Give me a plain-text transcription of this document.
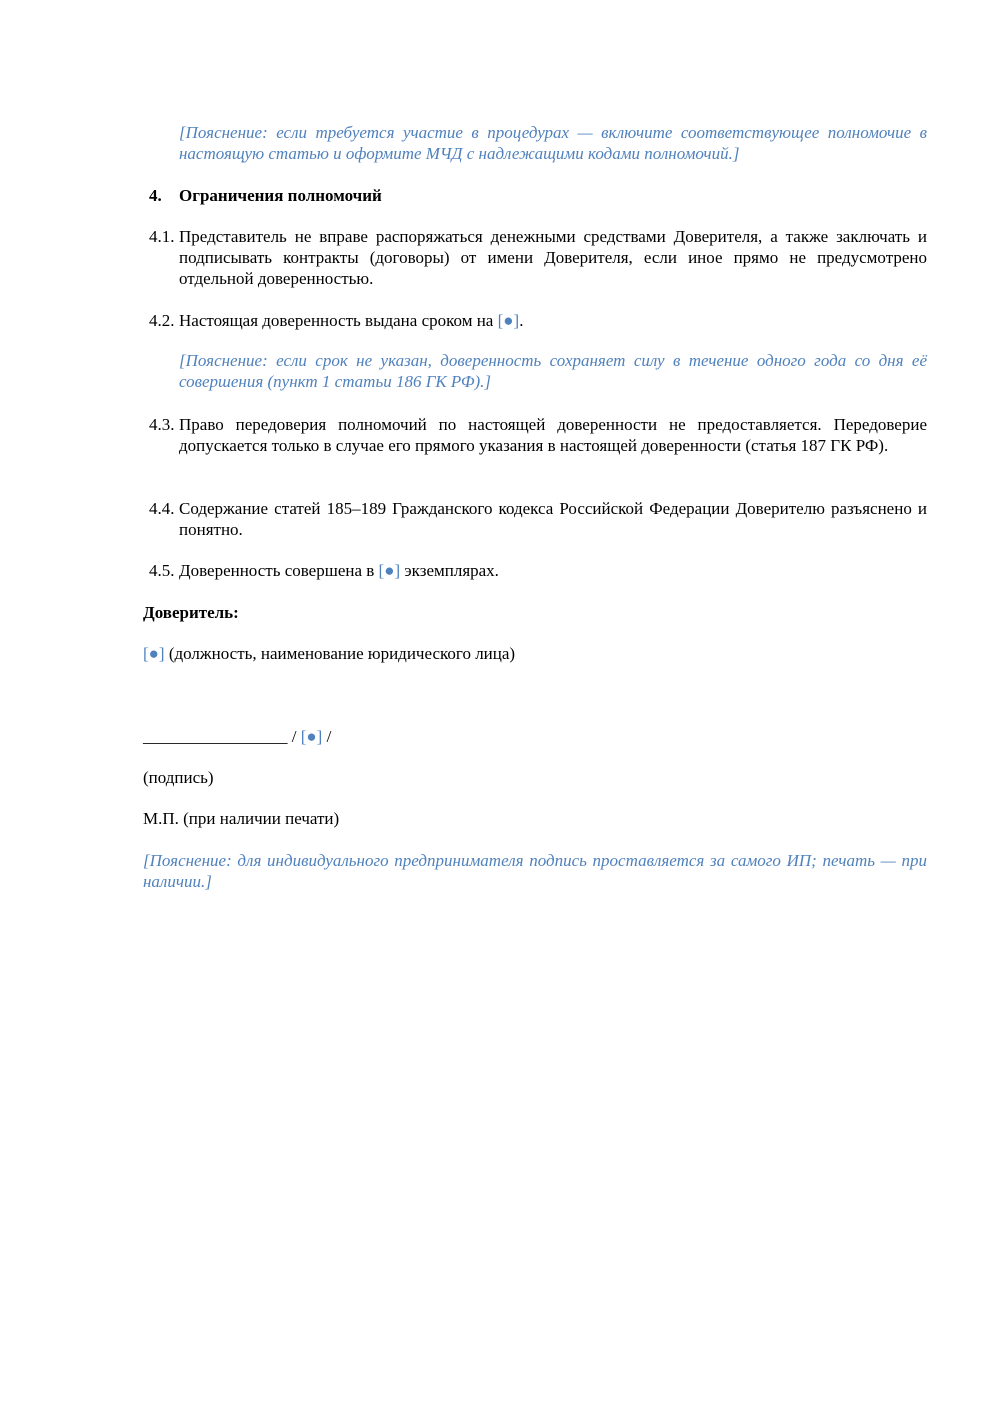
[Пояснение: если требуется участие в процедурах — включите соответствующее полномочие в настоящую статью и оформите МЧД с надлежащими кодами полномочий.]
4. Ограничения полномочий
4.1. Представитель не вправе распоряжаться денежными средствами Доверителя, а также заключать и подписывать контракты (договоры) от имени Доверителя, если иное прямо не предусмотрено отдельной доверенностью.
4.2. Настоящая доверенность выдана сроком на [●].
[Пояснение: если срок не указан, доверенность сохраняет силу в течение одного года со дня её совершения (пункт 1 статьи 186 ГК РФ).]
4.3. Право передоверия полномочий по настоящей доверенности не предоставляется. Передоверие допускается только в случае его прямого указания в настоящей доверенности (статья 187 ГК РФ).
4.4. Содержание статей 185–189 Гражданского кодекса Российской Федерации Доверителю разъяснено и понятно.
4.5. Доверенность совершена в [●] экземплярах.
Доверитель:
[●] (должность, наименование юридического лица)
_________________ / [●] /
(подпись)
М.П. (при наличии печати)
[Пояснение: для индивидуального предпринимателя подпись проставляется за самого ИП; печать — при наличии.]
